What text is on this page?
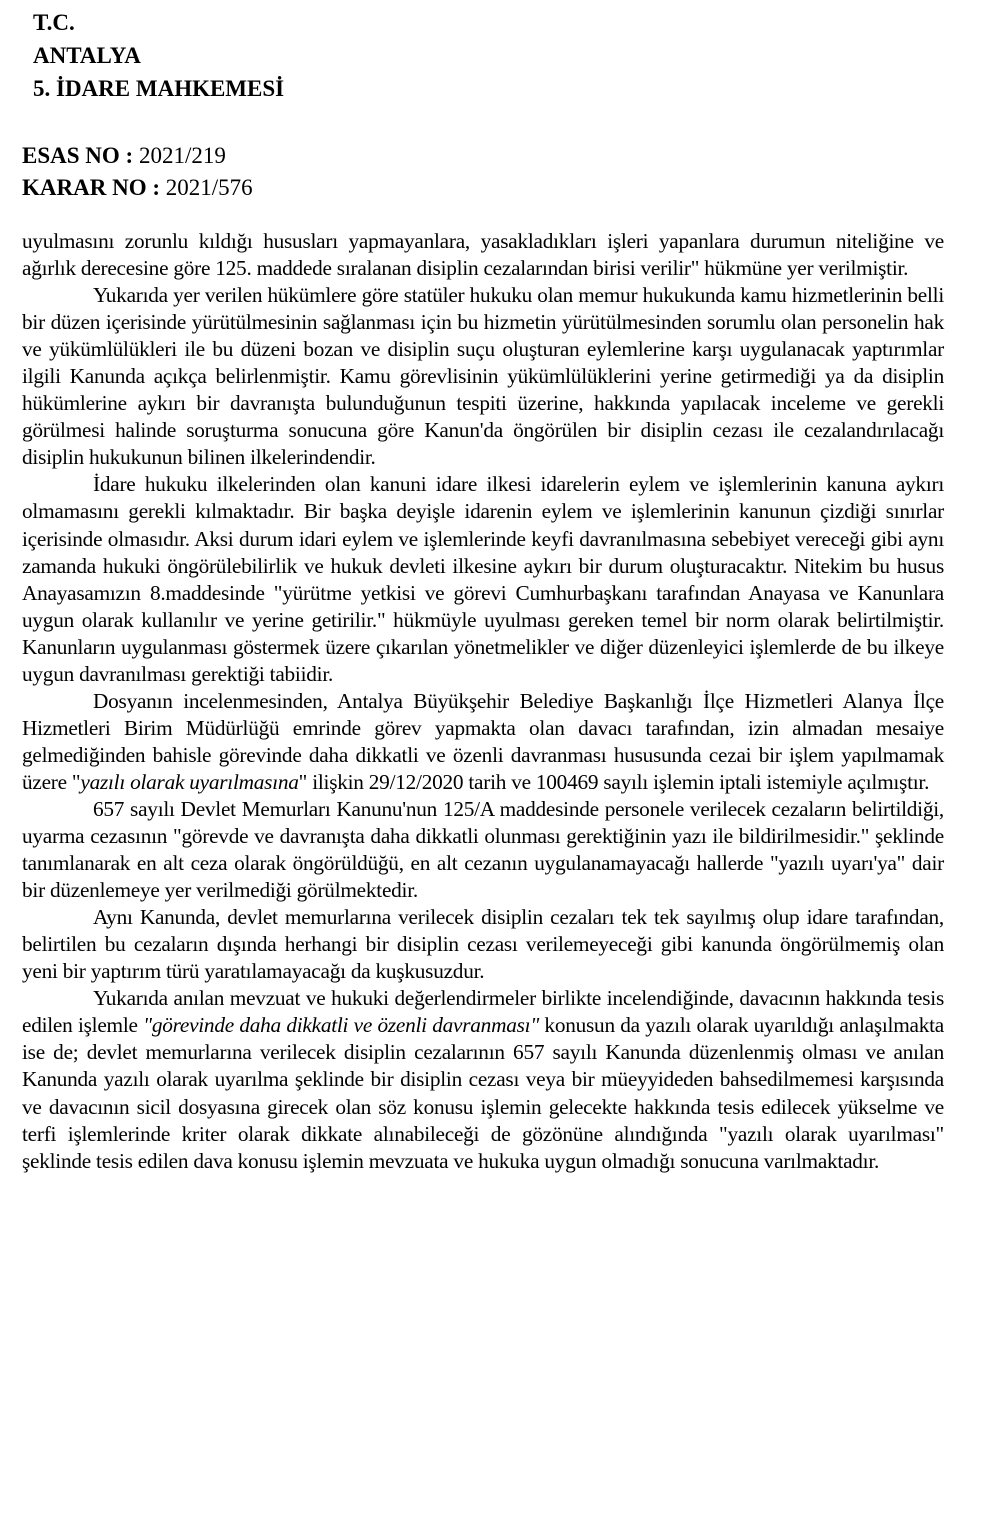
T.C.
ANTALYA
5. İDARE MAHKEMESİ
ESAS NO : 2021/219
KARAR NO : 2021/576

uyulmasını zorunlu kıldığı hususları yapmayanlara, yasakladıkları işleri yapanlara durumun niteliğine ve ağırlık derecesine göre 125. maddede sıralanan disiplin cezalarından birisi verilir" hükmüne yer verilmiştir.

Yukarıda yer verilen hükümlere göre statüler hukuku olan memur hukukunda kamu hizmetlerinin belli bir düzen içerisinde yürütülmesinin sağlanması için bu hizmetin yürütülmesinden sorumlu olan personelin hak ve yükümlülükleri ile bu düzeni bozan ve disiplin suçu oluşturan eylemlerine karşı uygulanacak yaptırımlar ilgili Kanunda açıkça belirlenmiştir. Kamu görevlisinin yükümlülüklerini yerine getirmediği ya da disiplin hükümlerine aykırı bir davranışta bulunduğunun tespiti üzerine, hakkında yapılacak inceleme ve gerekli görülmesi halinde soruşturma sonucuna göre Kanun'da öngörülen bir disiplin cezası ile cezalandırılacağı disiplin hukukunun bilinen ilkelerindendir.

İdare hukuku ilkelerinden olan kanuni idare ilkesi idarelerin eylem ve işlemlerinin kanuna aykırı olmamasını gerekli kılmaktadır. Bir başka deyişle idarenin eylem ve işlemlerinin kanunun çizdiği sınırlar içerisinde olmasıdır. Aksi durum idari eylem ve işlemlerinde keyfi davranılmasına sebebiyet vereceği gibi aynı zamanda hukuki öngörülebilirlik ve hukuk devleti ilkesine aykırı bir durum oluşturacaktır. Nitekim bu husus Anayasamızın 8.maddesinde "yürütme yetkisi ve görevi Cumhurbaşkanı tarafından Anayasa ve Kanunlara uygun olarak kullanılır ve yerine getirilir." hükmüyle uyulması gereken temel bir norm olarak belirtilmiştir. Kanunların uygulanması göstermek üzere çıkarılan yönetmelikler ve diğer düzenleyici işlemlerde de bu ilkeye uygun davranılması gerektiği tabiidir.

Dosyanın incelenmesinden, Antalya Büyükşehir Belediye Başkanlığı İlçe Hizmetleri Alanya İlçe Hizmetleri Birim Müdürlüğü emrinde görev yapmakta olan davacı tarafından, izin almadan mesaiye gelmediğinden bahisle görevinde daha dikkatli ve özenli davranması hususunda cezai bir işlem yapılmamak üzere "yazılı olarak uyarılmasına" ilişkin 29/12/2020 tarih ve 100469 sayılı işlemin iptali istemiyle açılmıştır.

657 sayılı Devlet Memurları Kanunu'nun 125/A maddesinde personele verilecek cezaların belirtildiği, uyarma cezasının "görevde ve davranışta daha dikkatli olunması gerektiğinin yazı ile bildirilmesidir." şeklinde tanımlanarak en alt ceza olarak öngörüldüğü, en alt cezanın uygulanamayacağı hallerde "yazılı uyarı'ya" dair bir düzenlemeye yer verilmediği görülmektedir.

Aynı Kanunda, devlet memurlarına verilecek disiplin cezaları tek tek sayılmış olup idare tarafından, belirtilen bu cezaların dışında herhangi bir disiplin cezası verilemeyeceği gibi kanunda öngörülmemiş olan yeni bir yaptırım türü yaratılamayacağı da kuşkusuzdur.

Yukarıda anılan mevzuat ve hukuki değerlendirmeler birlikte incelendiğinde, davacının hakkında tesis edilen işlemle "görevinde daha dikkatli ve özenli davranması" konusun da yazılı olarak uyarıldığı anlaşılmakta ise de; devlet memurlarına verilecek disiplin cezalarının 657 sayılı Kanunda düzenlenmiş olması ve anılan Kanunda yazılı olarak uyarılma şeklinde bir disiplin cezası veya bir müeyyideden bahsedilmemesi karşısında ve davacının sicil dosyasına girecek olan söz konusu işlemin gelecekte hakkında tesis edilecek yükselme ve terfi işlemlerinde kriter olarak dikkate alınabileceği de gözönüne alındığında "yazılı olarak uyarılması" şeklinde tesis edilen dava konusu işlemin mevzuata ve hukuka uygun olmadığı sonucuna varılmaktadır.
